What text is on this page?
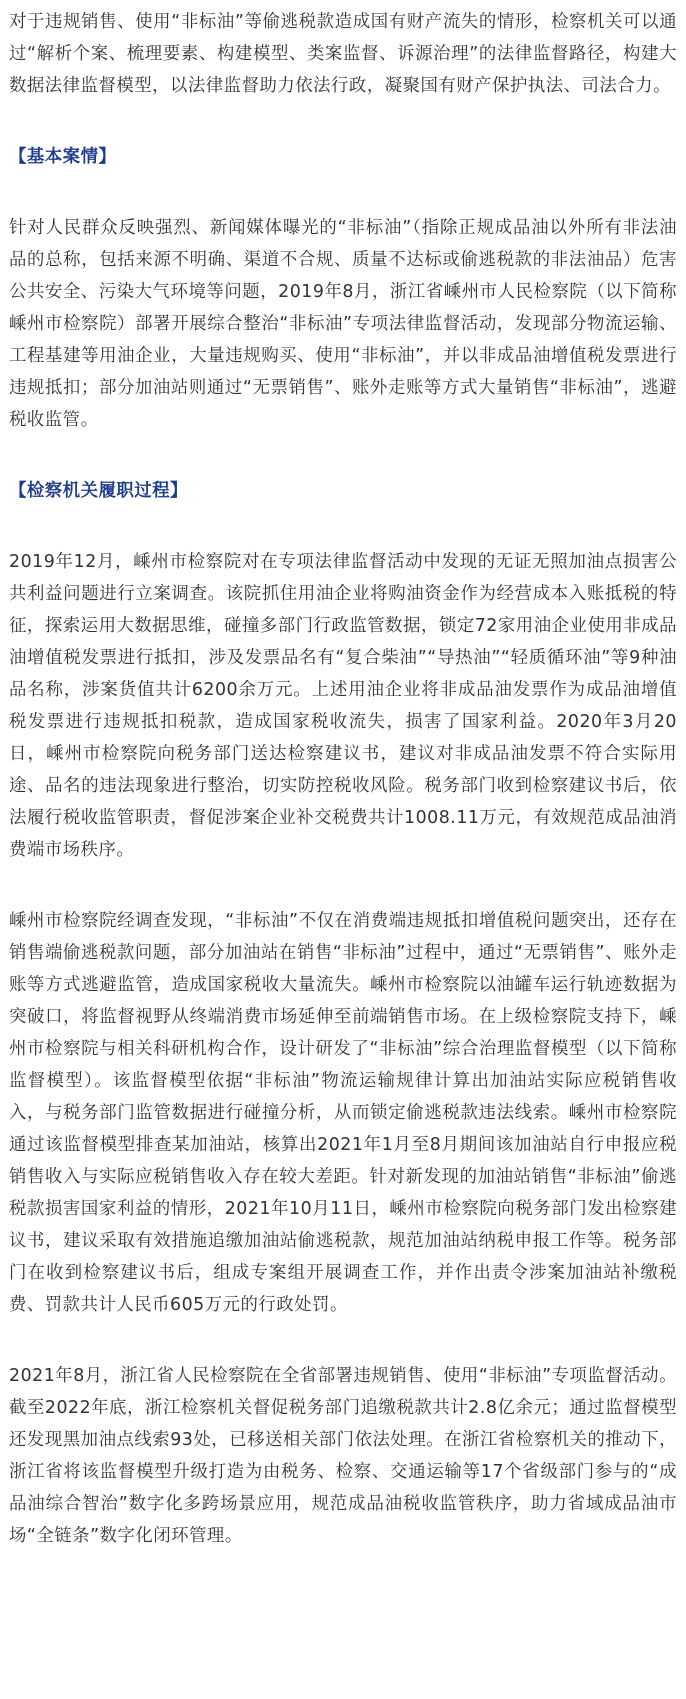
对于违规销售、使用“非标油”等偷逃税款造成国有财产流失的情形，检察机关可以通过“解析个案、梳理要素、构建模型、类案监督、诉源治理”的法律监督路径，构建大数据法律监督模型，以法律监督助力依法行政，凝聚国有财产保护执法、司法合力。

【基本案情】

针对人民群众反映强烈、新闻媒体曝光的“非标油”（指除正规成品油以外所有非法油品的总称，包括来源不明确、渠道不合规、质量不达标或偷逃税款的非法油品）危害公共安全、污染大气环境等问题，2019年8月，浙江省嵊州市人民检察院（以下简称嵊州市检察院）部署开展综合整治“非标油”专项法律监督活动，发现部分物流运输、工程基建等用油企业，大量违规购买、使用“非标油”，并以非成品油增值税发票进行违规抵扣；部分加油站则通过“无票销售”、账外走账等方式大量销售“非标油”，逃避税收监管。

【检察机关履职过程】

2019年12月，嵊州市检察院对在专项法律监督活动中发现的无证无照加油点损害公共利益问题进行立案调查。该院抓住用油企业将购油资金作为经营成本入账抵税的特征，探索运用大数据思维，碰撞多部门行政监管数据，锁定72家用油企业使用非成品油增值税发票进行抵扣，涉及发票品名有“复合柴油”“导热油”“轻质循环油”等9种油品名称，涉案货值共计6200余万元。上述用油企业将非成品油发票作为成品油增值税发票进行违规抵扣税款，造成国家税收流失，损害了国家利益。2020年3月20日，嵊州市检察院向税务部门送达检察建议书，建议对非成品油发票不符合实际用途、品名的违法现象进行整治，切实防控税收风险。税务部门收到检察建议书后，依法履行税收监管职责，督促涉案企业补交税费共计1008.11万元，有效规范成品油消费端市场秩序。

嵊州市检察院经调查发现，“非标油”不仅在消费端违规抵扣增值税问题突出，还存在销售端偷逃税款问题，部分加油站在销售“非标油”过程中，通过“无票销售”、账外走账等方式逃避监管，造成国家税收大量流失。嵊州市检察院以油罐车运行轨迹数据为突破口，将监督视野从终端消费市场延伸至前端销售市场。在上级检察院支持下，嵊州市检察院与相关科研机构合作，设计研发了“非标油”综合治理监督模型（以下简称监督模型）。该监督模型依据“非标油”物流运输规律计算出加油站实际应税销售收入，与税务部门监管数据进行碰撞分析，从而锁定偷逃税款违法线索。嵊州市检察院通过该监督模型排查某加油站，核算出2021年1月至8月期间该加油站自行申报应税销售收入与实际应税销售收入存在较大差距。针对新发现的加油站销售“非标油”偷逃税款损害国家利益的情形，2021年10月11日，嵊州市检察院向税务部门发出检察建议书，建议采取有效措施追缴加油站偷逃税款，规范加油站纳税申报工作等。税务部门在收到检察建议书后，组成专案组开展调查工作，并作出责令涉案加油站补缴税费、罚款共计人民币605万元的行政处罚。

2021年8月，浙江省人民检察院在全省部署违规销售、使用“非标油”专项监督活动。截至2022年底，浙江检察机关督促税务部门追缴税款共计2.8亿余元；通过监督模型还发现黑加油点线索93处，已移送相关部门依法处理。在浙江省检察机关的推动下，浙江省将该监督模型升级打造为由税务、检察、交通运输等17个省级部门参与的“成品油综合智治”数字化多跨场景应用，规范成品油税收监管秩序，助力省域成品油市场“全链条”数字化闭环管理。
